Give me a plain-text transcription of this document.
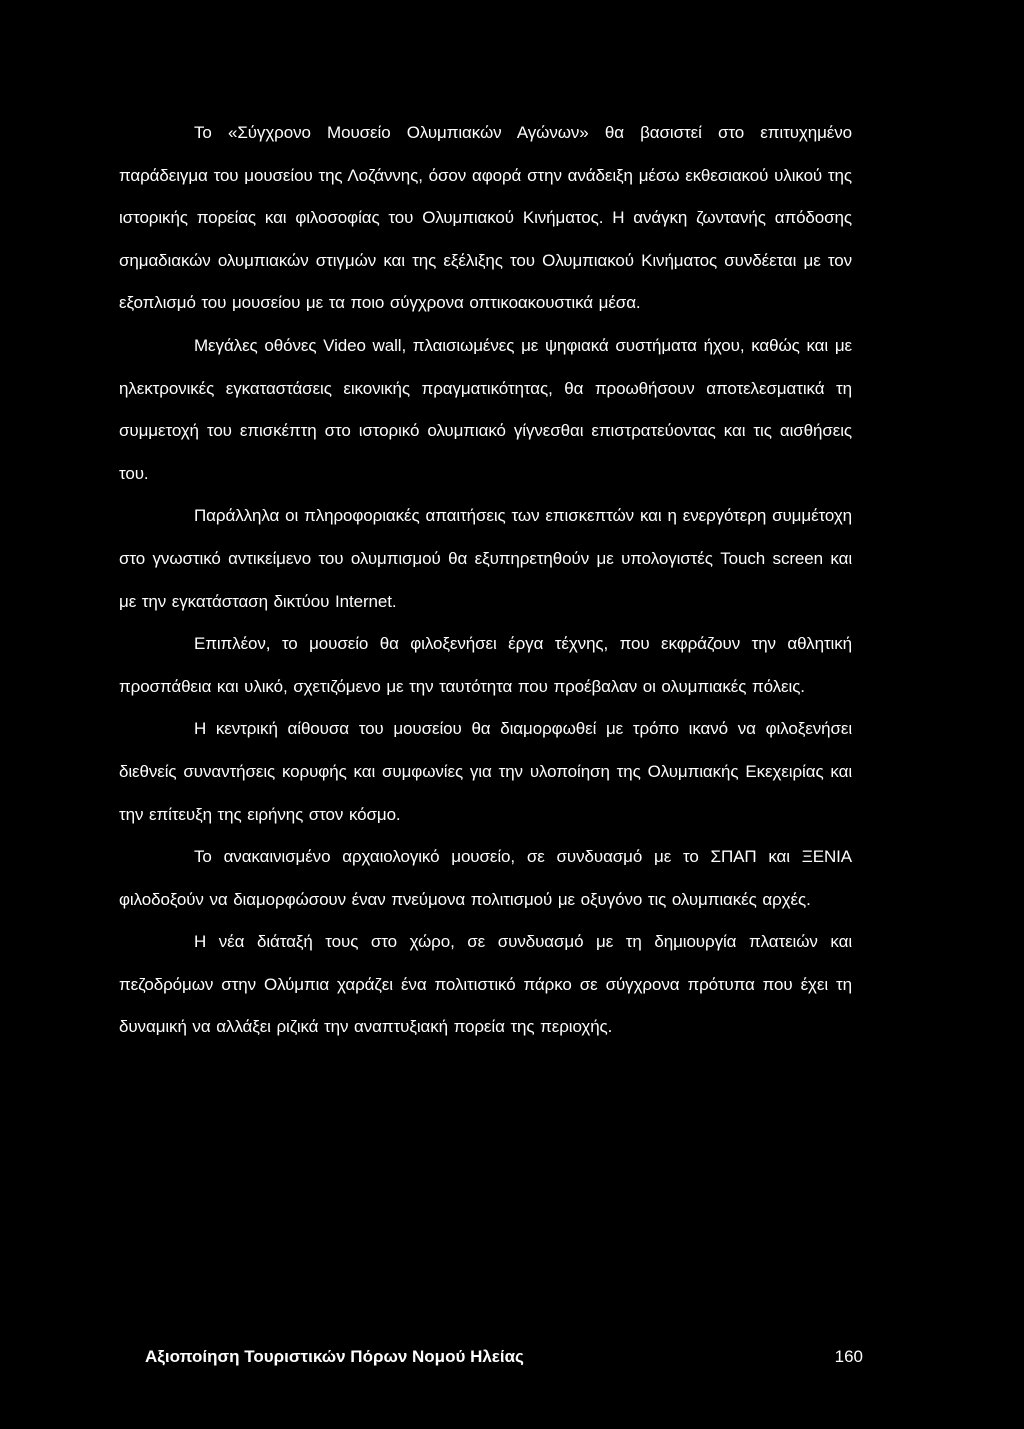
Το «Σύγχρονο Μουσείο Ολυμπιακών Αγώνων» θα βασιστεί στο επιτυχημένο παράδειγμα του μουσείου της Λοζάννης, όσον αφορά στην ανάδειξη μέσω εκθεσιακού υλικού της ιστορικής πορείας και φιλοσοφίας του Ολυμπιακού Κινήματος. Η ανάγκη ζωντανής απόδοσης σημαδιακών ολυμπιακών στιγμών και της εξέλιξης του Ολυμπιακού Κινήματος συνδέεται με τον εξοπλισμό του μουσείου με τα ποιο σύγχρονα οπτικοακουστικά μέσα.

Μεγάλες οθόνες Video wall, πλαισιωμένες με ψηφιακά συστήματα ήχου, καθώς και με ηλεκτρονικές εγκαταστάσεις εικονικής πραγματικότητας, θα προωθήσουν αποτελεσματικά τη συμμετοχή του επισκέπτη στο ιστορικό ολυμπιακό γίγνεσθαι επιστρατεύοντας και τις αισθήσεις του.

Παράλληλα οι πληροφοριακές απαιτήσεις των επισκεπτών και η ενεργότερη συμμέτοχη στο γνωστικό αντικείμενο του ολυμπισμού θα εξυπηρετηθούν με υπολογιστές Touch screen και με την εγκατάσταση δικτύου Internet.

Επιπλέον, το μουσείο θα φιλοξενήσει έργα τέχνης, που εκφράζουν την αθλητική προσπάθεια και υλικό, σχετιζόμενο με την ταυτότητα που προέβαλαν οι ολυμπιακές πόλεις.

Η κεντρική αίθουσα του μουσείου θα διαμορφωθεί με τρόπο ικανό να φιλοξενήσει διεθνείς συναντήσεις κορυφής και συμφωνίες για την υλοποίηση της Ολυμπιακής Εκεχειρίας και την επίτευξη της ειρήνης στον κόσμο.

Το ανακαινισμένο αρχαιολογικό μουσείο, σε συνδυασμό με το ΣΠΑΠ και ΞΕΝΙΑ φιλοδοξούν να διαμορφώσουν έναν πνεύμονα πολιτισμού με οξυγόνο τις ολυμπιακές αρχές.

Η νέα διάταξή τους στο χώρο, σε συνδυασμό με τη δημιουργία πλατειών και πεζοδρόμων στην Ολύμπια χαράζει ένα πολιτιστικό πάρκο σε σύγχρονα πρότυπα που έχει τη δυναμική να αλλάξει ριζικά την αναπτυξιακή πορεία της περιοχής.

Αξιοποίηση Τουριστικών Πόρων Νομού Ηλείας	160
